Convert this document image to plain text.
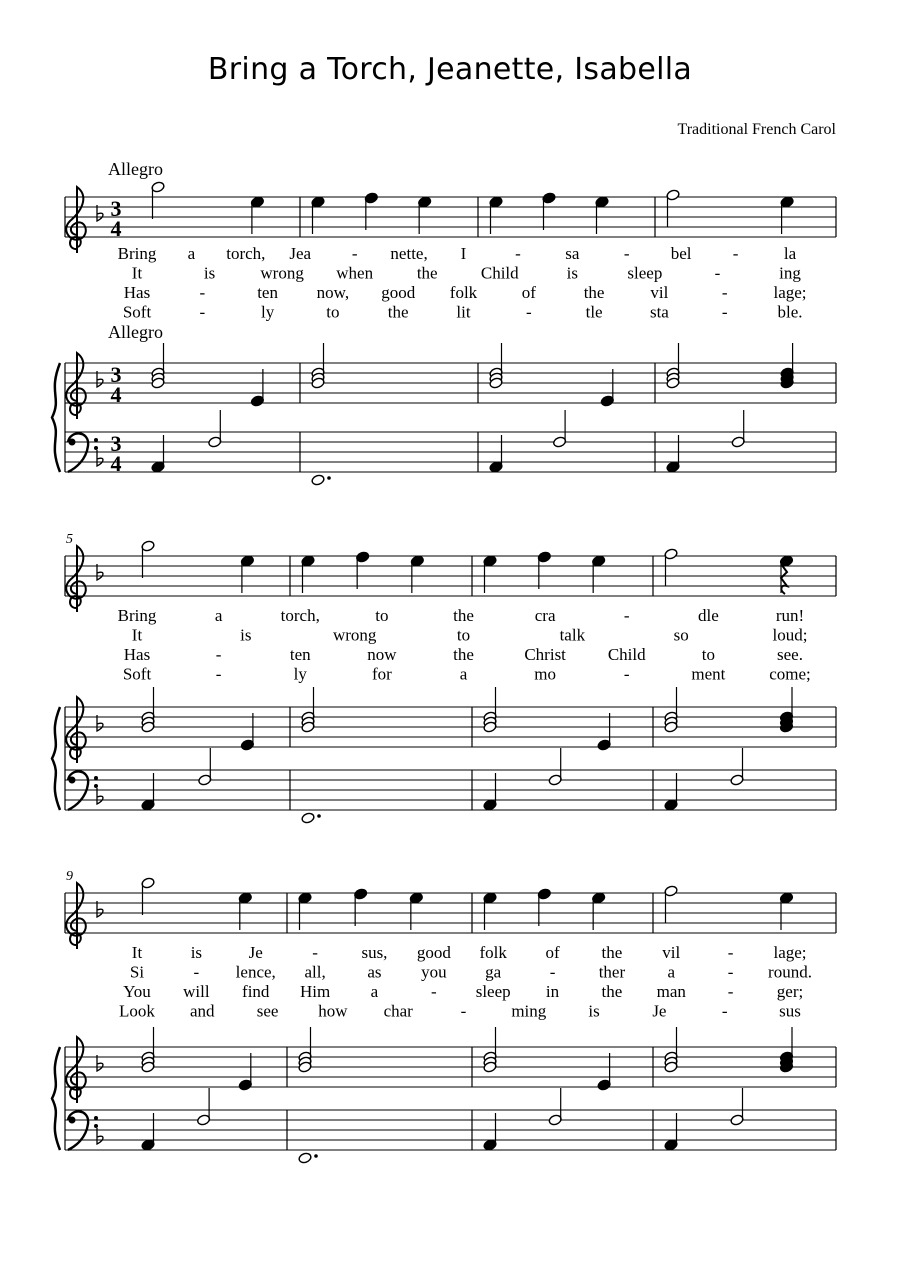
Bring a Torch, Jeanette, Isabella
Traditional French Carol
3
4
3
4
3
4
Allegro
Allegro
Bring a torch, Jea - nette, I	-	sa	- bel -	la
It	is	wrong when	the	Child	is	sleep	-	ing
Has	-	ten now, good folk	of	the	vil	-	lage;
Soft	-	ly	to	the	lit	-	tle	sta	-	ble.
5
Bring	a	torch,	to	the	cra	-	dle	run!
It	is	wrong	to	talk	so	loud;
Has	-	ten	now	the	Christ Child	to	see.
Soft	-	ly	for	a	mo	-	ment	come;
9
It	is	Je	-	sus, good folk of the vil	- lage;
Si	- lence, all, as you ga	-	ther a	- round.
You will find Him a	- sleep in the man -	ger;
Look and see how char	-	ming is	Je	-	sus
